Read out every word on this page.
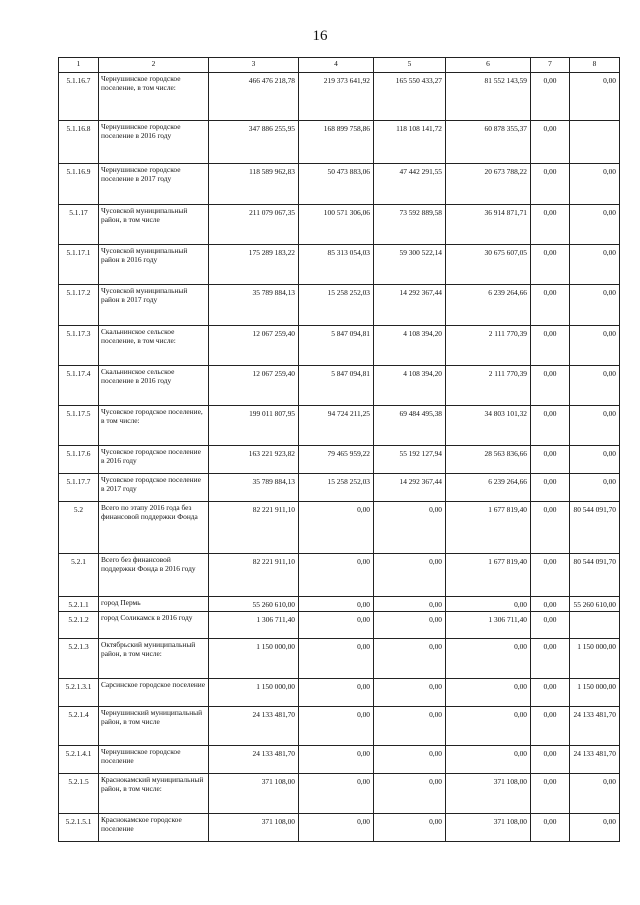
16
1	2	3	4	5	6	7	8
5.1.16.7	Чернушинское городское поселение, в том числе:	466 476 218,78	219 373 641,92	165 550 433,27	81 552 143,59	0,00	0,00
5.1.16.8	Чернушинское городское поселение в 2016 году	347 886 255,95	168 899 758,86	118 108 141,72	60 878 355,37	0,00	
5.1.16.9	Чернушинское городское поселение в 2017 году	118 589 962,83	50 473 883,06	47 442 291,55	20 673 788,22	0,00	0,00
5.1.17	Чусовской муниципальный район, в том числе	211 079 067,35	100 571 306,06	73 592 889,58	36 914 871,71	0,00	0,00
5.1.17.1	Чусовской муниципальный район в 2016 году	175 289 183,22	85 313 054,03	59 300 522,14	30 675 607,05	0,00	0,00
5.1.17.2	Чусовской муниципальный район в 2017 году	35 789 884,13	15 258 252,03	14 292 367,44	6 239 264,66	0,00	0,00
5.1.17.3	Скальнинское сельское поселение, в том числе:	12 067 259,40	5 847 094,81	4 108 394,20	2 111 770,39	0,00	0,00
5.1.17.4	Скальнинское сельское поселение в 2016 году	12 067 259,40	5 847 094,81	4 108 394,20	2 111 770,39	0,00	0,00
5.1.17.5	Чусовское городское поселение, в том числе:	199 011 807,95	94 724 211,25	69 484 495,38	34 803 101,32	0,00	0,00
5.1.17.6	Чусовское городское поселение в 2016 году	163 221 923,82	79 465 959,22	55 192 127,94	28 563 836,66	0,00	0,00
5.1.17.7	Чусовское городское поселение в 2017 году	35 789 884,13	15 258 252,03	14 292 367,44	6 239 264,66	0,00	0,00
5.2	Всего по этапу 2016 года без финансовой поддержки Фонда	82 221 911,10	0,00	0,00	1 677 819,40	0,00	80 544 091,70
5.2.1	Всего без финансовой поддержки Фонда в 2016 году	82 221 911,10	0,00	0,00	1 677 819,40	0,00	80 544 091,70
5.2.1.1	город Пермь	55 260 610,00	0,00	0,00	0,00	0,00	55 260 610,00
5.2.1.2	город Соликамск в 2016 году	1 306 711,40	0,00	0,00	1 306 711,40	0,00	
5.2.1.3	Октябрьский муниципальный район, в том числе:	1 150 000,00	0,00	0,00	0,00	0,00	1 150 000,00
5.2.1.3.1	Сарсинское городское поселение	1 150 000,00	0,00	0,00	0,00	0,00	1 150 000,00
5.2.1.4	Чернушинский муниципальный район, в том числе	24 133 481,70	0,00	0,00	0,00	0,00	24 133 481,70
5.2.1.4.1	Чернушинское городское поселение	24 133 481,70	0,00	0,00	0,00	0,00	24 133 481,70
5.2.1.5	Краснокамский муниципальный район, в том числе:	371 108,00	0,00	0,00	371 108,00	0,00	0,00
5.2.1.5.1	Краснокамское городское поселение	371 108,00	0,00	0,00	371 108,00	0,00	0,00
